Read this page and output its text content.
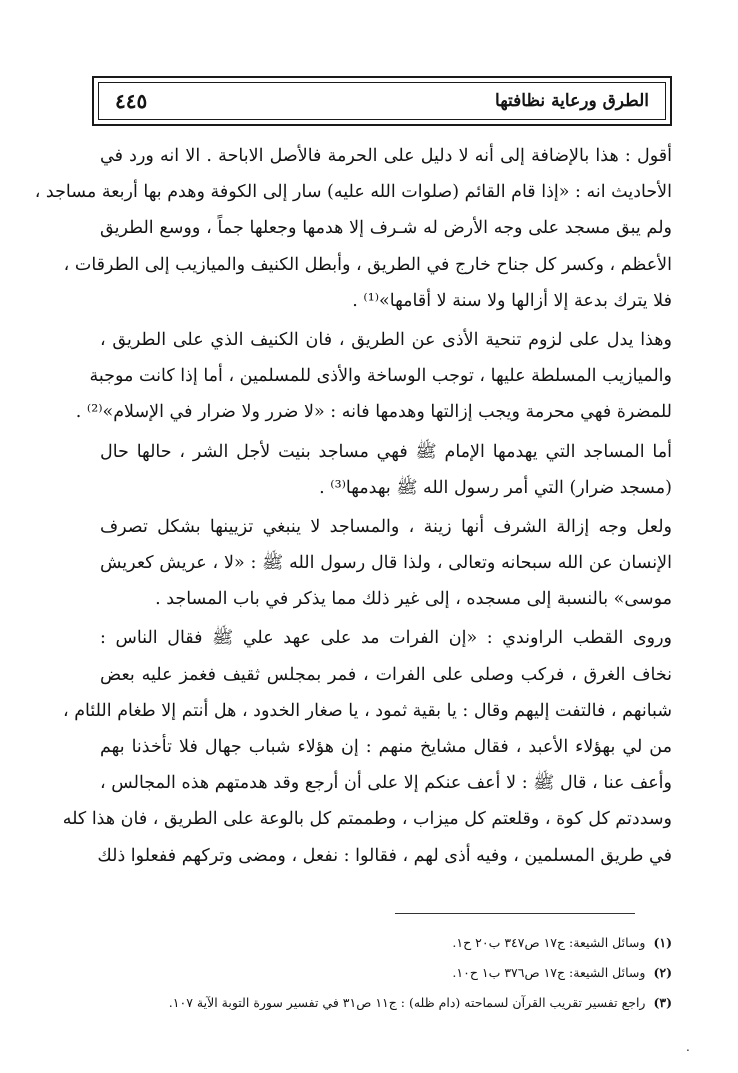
الطرق ورعاية نظافتها
٤٤٥
أقول : هذا بالإضافة إلى أنه لا دليل على الحرمة فالأصل الاباحة . الا انه ورد في
الأحاديث انه : «إذا قام القائم (صلوات الله عليه) سار إلى الكوفة وهدم بها أربعة مساجد ،
ولم يبق مسجد على وجه الأرض له شـرف إلا هدمها وجعلها جماً ، ووسع الطريق
الأعظم ، وكسر كل جناح خارج في الطريق ، وأبطل الكنيف والميازيب إلى الطرقات ،
فلا يترك بدعة إلا أزالها ولا سنة لا أقامها»⁽¹⁾ .
وهذا يدل على لزوم تنحية الأذى عن الطريق ، فان الكنيف الذي على الطريق ،
والميازيب المسلطة عليها ، توجب الوساخة والأذى للمسلمين ، أما إذا كانت موجبة
للمضرة فهي محرمة ويجب إزالتها وهدمها فانه : «لا ضرر ولا ضرار في الإسلام»⁽²⁾ .
أما المساجد التي يهدمها الإمام ﷺ فهي مساجد بنيت لأجل الشر ، حالها حال
(مسجد ضرار) التي أمر رسول الله ﷺ بهدمها⁽³⁾ .
ولعل وجه إزالة الشرف أنها زينة ، والمساجد لا ينبغي تزيينها بشكل تصرف
الإنسان عن الله سبحانه وتعالى ، ولذا قال رسول الله ﷺ : «لا ، عريش كعريش
موسى» بالنسبة إلى مسجده ، إلى غير ذلك مما يذكر في باب المساجد .
وروى القطب الراوندي : «إن الفرات مد على عهد علي ﷺ فقال الناس :
نخاف الغرق ، فركب وصلى على الفرات ، فمر بمجلس ثقيف فغمز عليه بعض
شبانهم ، فالتفت إليهم وقال : يا بقية ثمود ، يا صغار الخدود ، هل أنتم إلا طغام اللئام ،
من لي بهؤلاء الأعبد ، فقال مشايخ منهم : إن هؤلاء شباب جهال فلا تأخذنا بهم
وأعف عنا ، قال ﷺ : لا أعف عنكم إلا على أن أرجع وقد هدمتهم هذه المجالس ،
وسددتم كل كوة ، وقلعتم كل ميزاب ، وطممتم كل بالوعة على الطريق ، فان هذا كله
في طريق المسلمين ، وفيه أذى لهم ، فقالوا : نفعل ، ومضى وتركهم ففعلوا ذلك
(١) وسائل الشيعة: ج١٧ ص٣٤٧ ب٢٠ ح١.
(٢) وسائل الشيعة: ج١٧ ص٣٧٦ ب١ ح١٠.
(٣) راجع تفسير تقريب القرآن لسماحته (دام ظله) : ج١١ ص٣١ في تفسير سورة التوبة الآية ١٠٧.
.
